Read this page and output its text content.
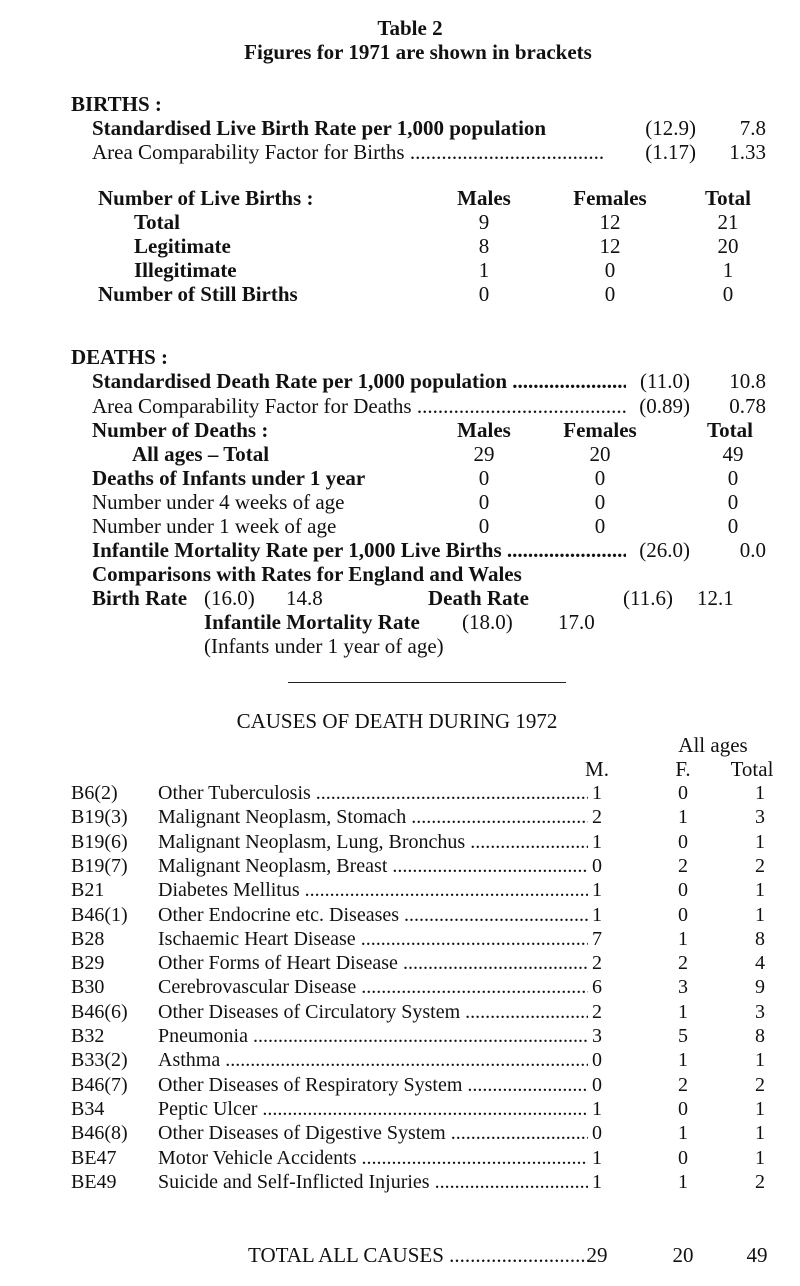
Table 2
Figures for 1971 are shown in brackets
BIRTHS :
Standardised Live Birth Rate per 1,000 population	(12.9) 7.8
Area Comparability Factor for Births .....	(1.17) 1.33
Number of Live Births :	Males	Females	Total
Total	9	12	21
Legitimate	8	12	20
Illegitimate	1	0	1
Number of Still Births	0	0	0
DEATHS :
Standardised Death Rate per 1,000 population .....	(11.0) 10.8
Area Comparability Factor for Deaths .....	(0.89) 0.78
Number of Deaths :	Males Females	Total
All ages – Total	29	20	49
Deaths of Infants under 1 year	0	0	0
Number under 4 weeks of age	0	0	0
Number under 1 week of age	0	0	0
Infantile Mortality Rate per 1,000 Live Births .....	(26.0) 0.0
Comparisons with Rates for England and Wales
Birth Rate (16.0) 14.8	Death Rate	(11.6) 12.1
Infantile Mortality Rate (18.0) 17.0
(Infants under 1 year of age)
CAUSES OF DEATH DURING 1972
All ages
M.	F. Total
B6(2) Other Tuberculosis .....	1	0	1
B19(3) Malignant Neoplasm, Stomach .....	2	1	3
B19(6) Malignant Neoplasm, Lung, Bronchus .....	1	0	1
B19(7) Malignant Neoplasm, Breast .....	0	2	2
B21	Diabetes Mellitus .....	1	0	1
B46(1) Other Endocrine etc. Diseases .....	1	0	1
B28	Ischaemic Heart Disease .....	7	1	8
B29	Other Forms of Heart Disease .....	2	2	4
B30	Cerebrovascular Disease .....	6	3	9
B46(6) Other Diseases of Circulatory System .....	2	1	3
B32	Pneumonia .....	3	5	8
B33(2) Asthma .....	0	1	1
B46(7) Other Diseases of Respiratory System .....	0	2	2
B34	Peptic Ulcer .....	1	0	1
B46(8) Other Diseases of Digestive System .....	0	1	1
BE47 Motor Vehicle Accidents .....	1	0	1
BE49 Suicide and Self-Inflicted Injuries .....	1	1	2
TOTAL ALL CAUSES .....	29	20	49
